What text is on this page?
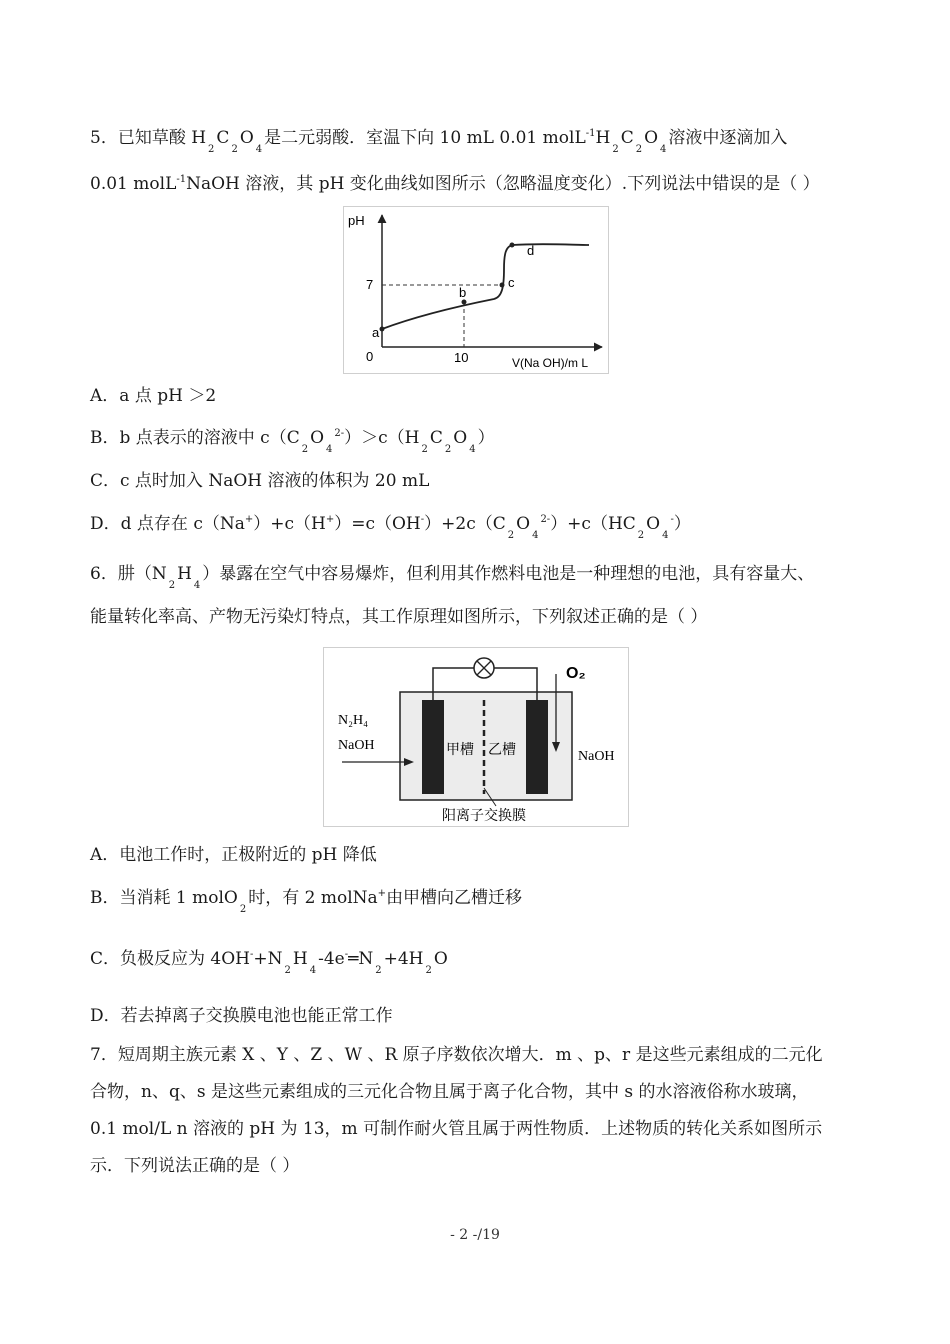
5．已知草酸 $H_2C_2O_4$是二元弱酸．室温下向 10 mL 0.01 $molL^{-1}H_2C_2O_4$溶液中逐滴加入
0.01 molL$^{-1}$NaOH 溶液，其 pH 变化曲线如图所示（忽略温度变化）.下列说法中错误的是（ ）
pH
V(Na OH)/m L
0
7
10
a
b
c
d
A．a 点 pH ＞2
B．b 点表示的溶液中 $c(C_2O_4^{2-})>c(H_2C_2O_4)$
C．c 点时加入 NaOH 溶液的体积为 20 mL
D．d 点存在 $c(Na^+)+c(H^+)=c(OH^-)+2c(C_2O_4^{2-})+c(HC_2O_4^-)$
6．肼$(N_2H_4)$暴露在空气中容易爆炸，但利用其作燃料电池是一种理想的电池，具有容量大、
能量转化率高、产物无污染灯特点，其工作原理如图所示，下列叙述正确的是（ ）
O₂
N₂H₄
NaOH	甲槽 乙槽	NaOH
阳离子交换膜
A．电池工作时，正极附近的 pH 降低
B．当消耗 1 molO$_2$时，有 2 molNa+由甲槽向乙槽迁移
C．负极反应为 $4OH^-+N_2H_4-4e^-═N_2+4H_2O$
D．若去掉离子交换膜电池也能正常工作
7．短周期主族元素 X 、Y 、Z 、W 、R 原子序数依次增大．m 、p、r 是这些元素组成的二元化
合物，n、q、s 是这些元素组成的三元化合物且属于离子化合物，其中 s 的水溶液俗称水玻璃，
0.1 mol/L n 溶液的 pH 为 13，m 可制作耐火管且属于两性物质．上述物质的转化关系如图所示
示．下列说法正确的是（ ）
- 2 -/19
